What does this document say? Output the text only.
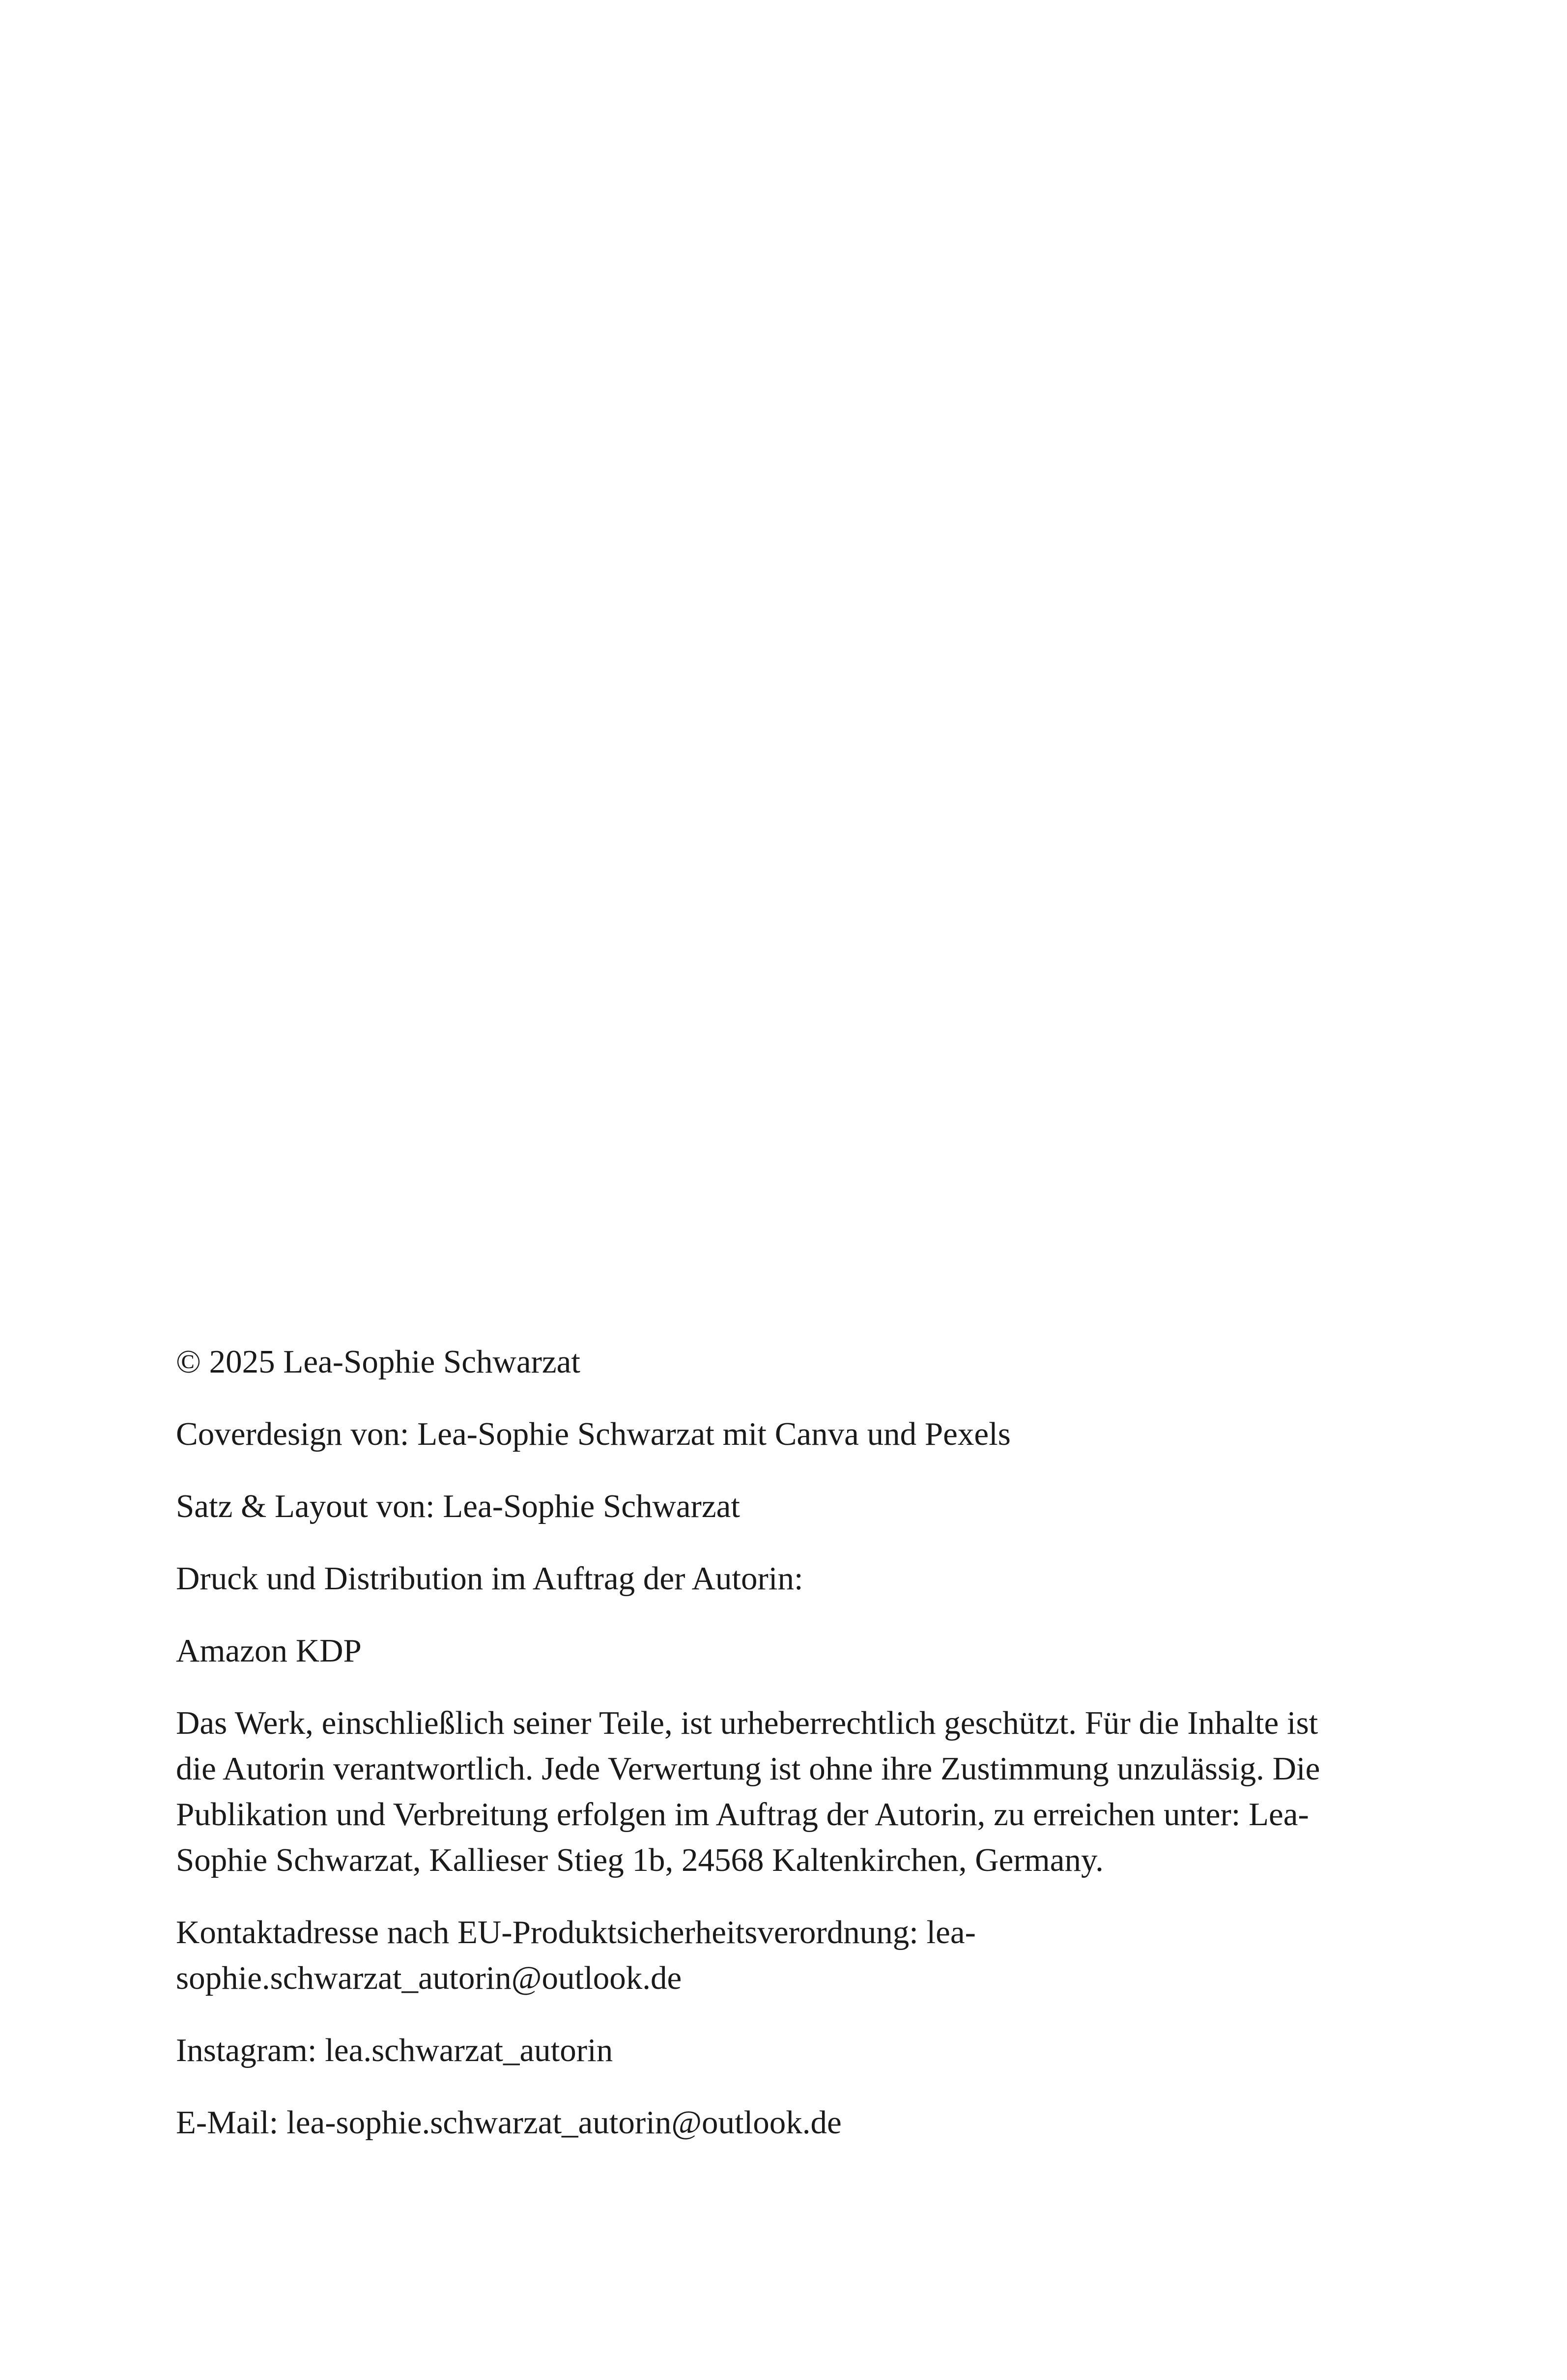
© 2025 Lea-Sophie Schwarzat

Coverdesign von: Lea-Sophie Schwarzat mit Canva und Pexels

Satz & Layout von: Lea-Sophie Schwarzat

Druck und Distribution im Auftrag der Autorin:

Amazon KDP

Das Werk, einschließlich seiner Teile, ist urheberrechtlich geschützt. Für die Inhalte ist die Autorin verantwortlich. Jede Verwertung ist ohne ihre Zustimmung unzulässig. Die Publikation und Verbreitung erfolgen im Auftrag der Autorin, zu erreichen unter: Lea-Sophie Schwarzat, Kallieser Stieg 1b, 24568 Kaltenkirchen, Germany.

Kontaktadresse nach EU-Produktsicherheitsverordnung: lea-sophie.schwarzat_autorin@outlook.de

Instagram: lea.schwarzat_autorin

E-Mail: lea-sophie.schwarzat_autorin@outlook.de
